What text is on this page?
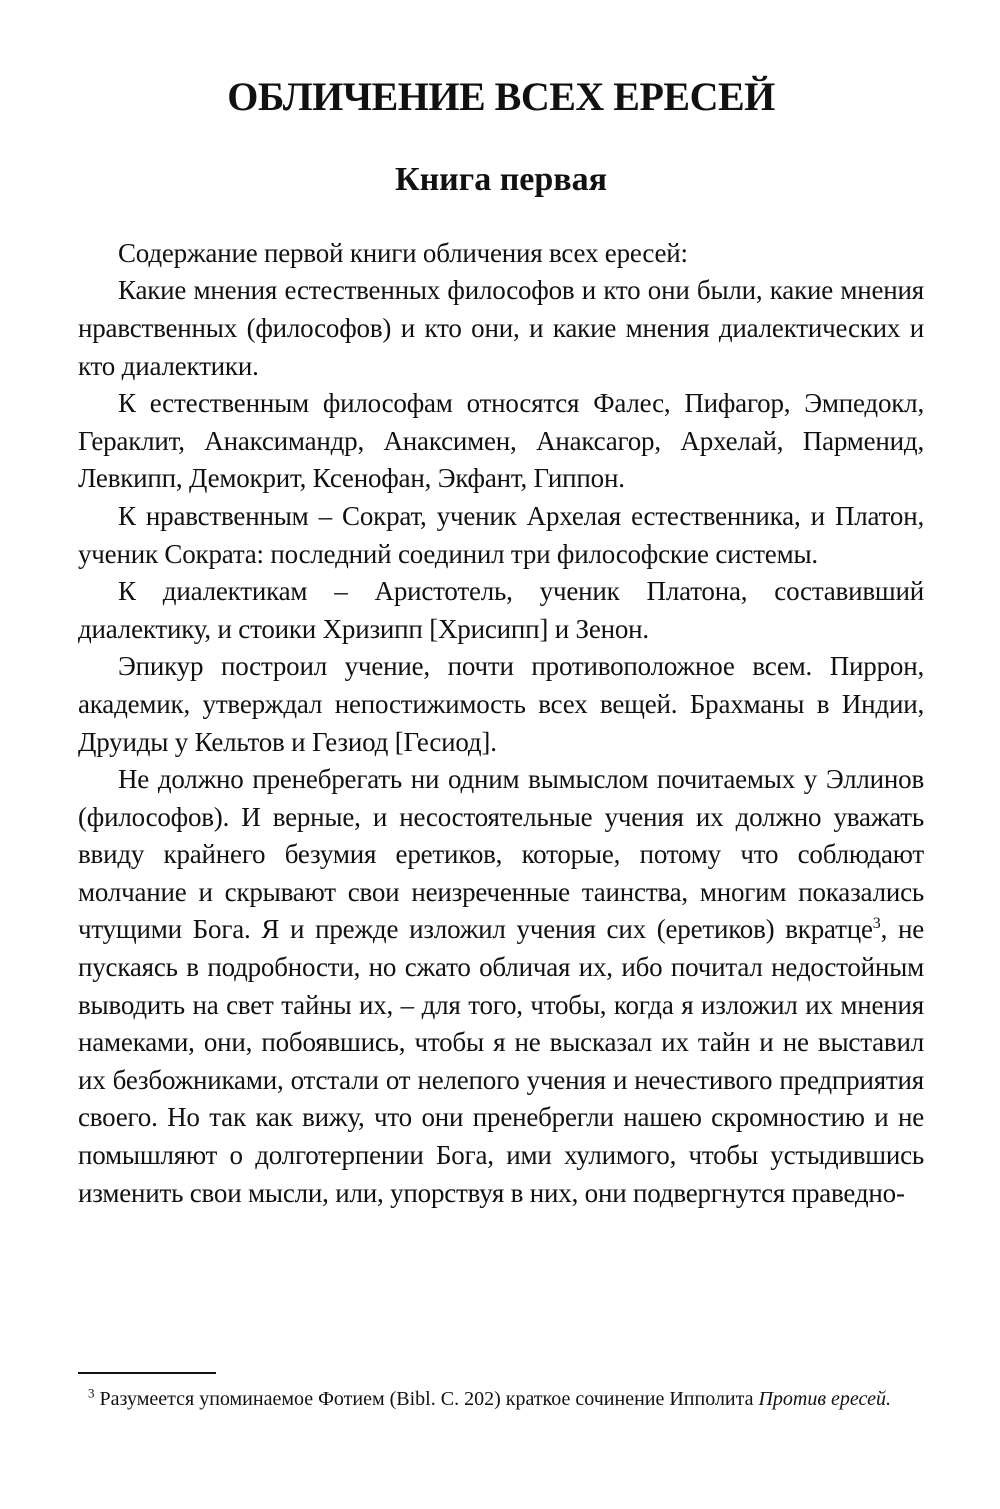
ОБЛИЧЕНИЕ ВСЕХ ЕРЕСЕЙ
Книга первая

Содержание первой книги обличения всех ересей:

Какие мнения естественных философов и кто они были, какие мнения нравственных (философов) и кто они, и какие мнения диалектических и кто диалектики.

К естественным философам относятся Фалес, Пифагор, Эмпедокл, Гераклит, Анаксимандр, Анаксимен, Анаксагор, Архелай, Парменид, Левкипп, Демокрит, Ксенофан, Экфант, Гиппон.

К нравственным – Сократ, ученик Архелая естественника, и Платон, ученик Сократа: последний соединил три философские системы.

К диалектикам – Аристотель, ученик Платона, составивший диалектику, и стоики Хризипп [Хрисипп] и Зенон.

Эпикур построил учение, почти противоположное всем. Пиррон, академик, утверждал непостижимость всех вещей. Брахманы в Индии, Друиды у Кельтов и Гезиод [Гесиод].

Не должно пренебрегать ни одним вымыслом почитаемых у Эллинов (философов). И верные, и несостоятельные учения их должно уважать ввиду крайнего безумия еретиков, которые, потому что соблюдают молчание и скрывают свои неизреченные таинства, многим показались чтущими Бога. Я и прежде изложил учения сих (еретиков) вкратце$^3$, не пускаясь в подробности, но сжато обличая их, ибо почитал недостойным выводить на свет тайны их, – для того, чтобы, когда я изложил их мнения намеками, они, побоявшись, чтобы я не высказал их тайн и не выставил их безбожниками, отстали от нелепого учения и нечестивого предприятия своего. Но так как вижу, что они пренебрегли нашею скромностию и не помышляют о долготерпении Бога, ими хулимого, чтобы устыдившись изменить свои мысли, или, упорствуя в них, они подвергнутся праведно-

$^3$ Разумеется упоминаемое Фотием (Bibl. C. 202) краткое сочинение Ипполита Против ересей.
